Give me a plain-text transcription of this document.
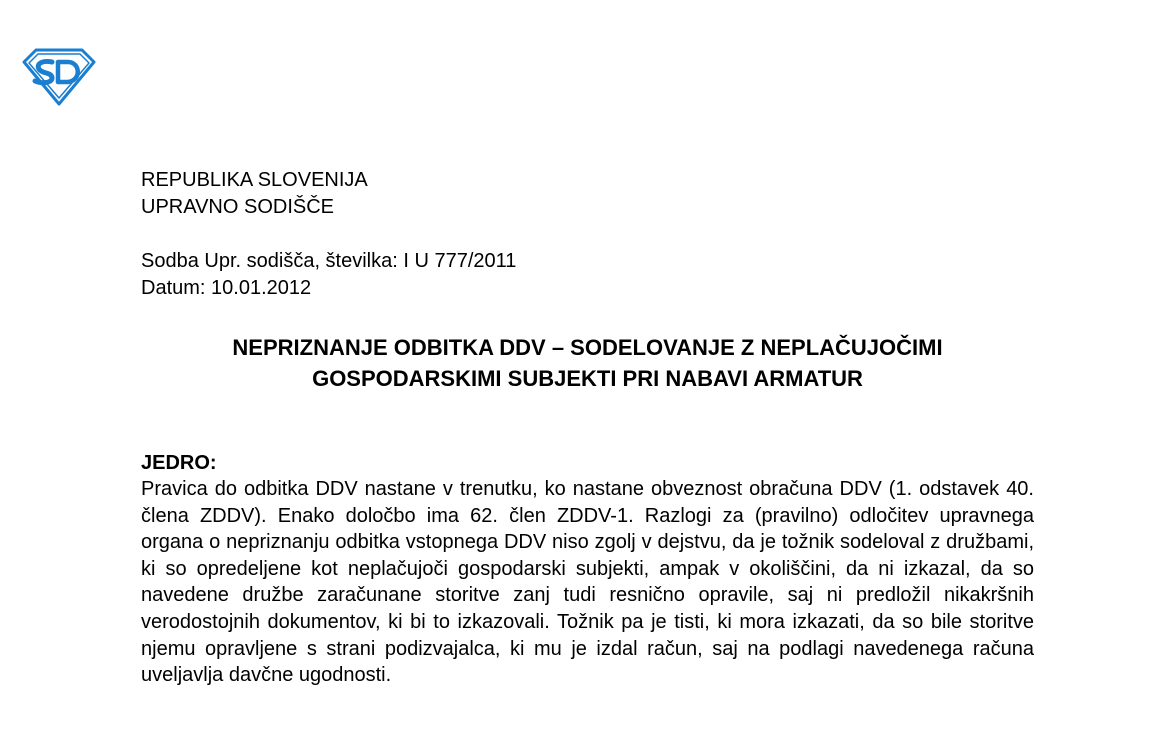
REPUBLIKA SLOVENIJA
UPRAVNO SODIŠČE
Sodba Upr. sodišča, številka: I U 777/2011
Datum: 10.01.2012
NEPRIZNANJE ODBITKA DDV – SODELOVANJE Z NEPLAČUJOČIMI
GOSPODARSKIMI SUBJEKTI PRI NABAVI ARMATUR
JEDRO:
Pravica do odbitka DDV nastane v trenutku, ko nastane obveznost obračuna DDV (1. odstavek 40. člena ZDDV). Enako določbo ima 62. člen ZDDV-1. Razlogi za (pravilno) odločitev upravnega organa o nepriznanju odbitka vstopnega DDV niso zgolj v dejstvu, da je tožnik sodeloval z družbami, ki so opredeljene kot neplačujoči gospodarski subjekti, ampak v okoliščini, da ni izkazal, da so navedene družbe zaračunane storitve zanj tudi resnično opravile, saj ni predložil nikakršnih verodostojnih dokumentov, ki bi to izkazovali. Tožnik pa je tisti, ki mora izkazati, da so bile storitve njemu opravljene s strani podizvajalca, ki mu je izdal račun, saj na podlagi navedenega računa uveljavlja davčne ugodnosti.
